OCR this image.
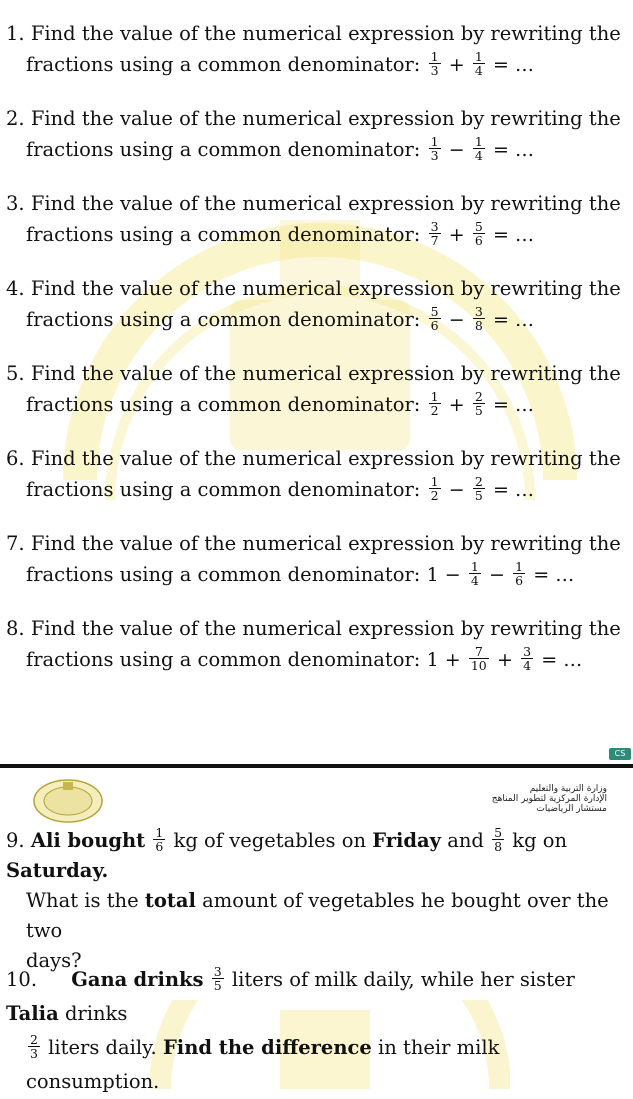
1. Find the value of the numerical expression by rewriting the
fractions using a common denominator: $\frac{1}{3} + \frac{1}{4}$ = …
2. Find the value of the numerical expression by rewriting the
fractions using a common denominator: $\frac{1}{3} - \frac{1}{4}$ = …
3. Find the value of the numerical expression by rewriting the
fractions using a common denominator: $\frac{3}{7} + \frac{5}{6}$ = …
4. Find the value of the numerical expression by rewriting the
fractions using a common denominator: $\frac{5}{6} - \frac{3}{8}$ = …
5. Find the value of the numerical expression by rewriting the
fractions using a common denominator: $\frac{1}{2} + \frac{2}{5}$ = …
6. Find the value of the numerical expression by rewriting the
fractions using a common denominator: $\frac{1}{2} - \frac{2}{5}$ = …
7. Find the value of the numerical expression by rewriting the
fractions using a common denominator: $1 - \frac{1}{4} - \frac{1}{6}$ = …
8. Find the value of the numerical expression by rewriting the
fractions using a common denominator: $1 + \frac{7}{10} + \frac{3}{4}$ = …
CS
وزارة التربية والتعليم
الإدارة المركزية لتطوير المناهج
مستشار الرياضيات
9. Ali bought $\frac{1}{6}$ kg of vegetables on Friday and $\frac{5}{8}$ kg on Saturday.
What is the total amount of vegetables he bought over the two
days?
10. Gana drinks $\frac{3}{5}$ liters of milk daily, while her sister Talia drinks
$\frac{2}{3}$ liters daily. Find the difference in their milk consumption.
